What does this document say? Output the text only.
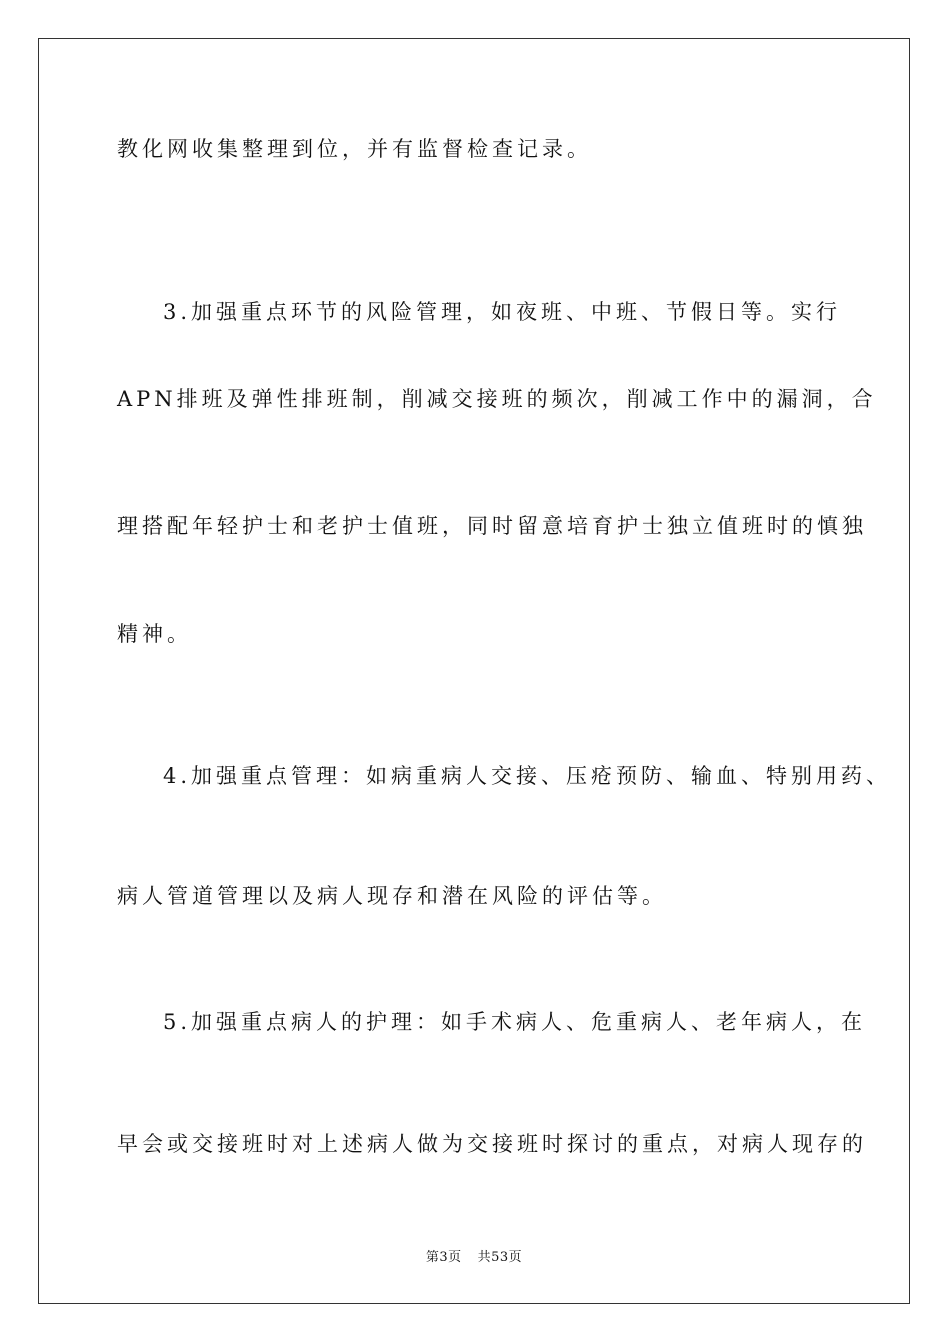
教化网收集整理到位，并有监督检查记录。

3.加强重点环节的风险管理，如夜班、中班、节假日等。实行

APN排班及弹性排班制，削减交接班的频次，削减工作中的漏洞，合

理搭配年轻护士和老护士值班，同时留意培育护士独立值班时的慎独

精神。

4.加强重点管理：如病重病人交接、压疮预防、输血、特别用药、

病人管道管理以及病人现存和潜在风险的评估等。

5.加强重点病人的护理：如手术病人、危重病人、老年病人，在

早会或交接班时对上述病人做为交接班时探讨的重点，对病人现存的

第3页 共53页
